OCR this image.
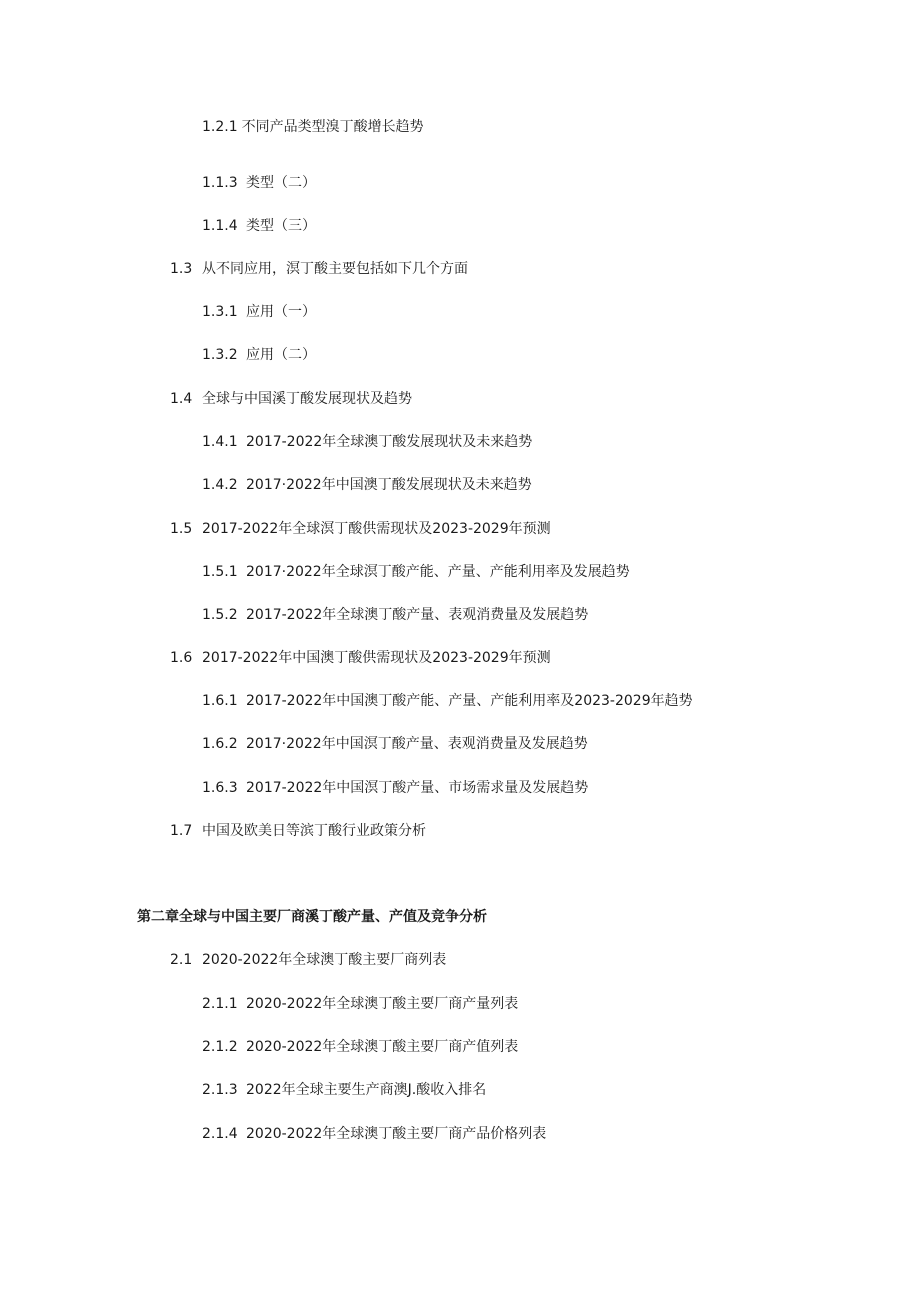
1.2.1 不同产品类型溴丁酸增长趋势
1.1.3 类型（二）
1.1.4 类型（三）
1.3 从不同应用，溟丁酸主要包括如下几个方面
1.3.1 应用（一）
1.3.2 应用（二）
1.4 全球与中国溪丁酸发展现状及趋势
1.4.1 2017-2022年全球澳丁酸发展现状及未来趋势
1.4.2 2017·2022年中国澳丁酸发展现状及未来趋势
1.5 2017-2022年全球溟丁酸供需现状及2023-2029年预测
1.5.1 2017·2022年全球溟丁酸产能、产量、产能利用率及发展趋势
1.5.2 2017-2022年全球澳丁酸产量、表观消费量及发展趋势
1.6 2017-2022年中国澳丁酸供需现状及2023-2029年预测
1.6.1 2017-2022年中国澳丁酸产能、产量、产能利用率及2023-2029年趋势
1.6.2 2017·2022年中国溟丁酸产量、表观消费量及发展趋势
1.6.3 2017-2022年中国溟丁酸产量、市场需求量及发展趋势
1.7 中国及欧美日等滨丁酸行业政策分析
第二章全球与中国主要厂商溪丁酸产量、产值及竞争分析
2.1 2020-2022年全球澳丁酸主要厂商列表
2.1.1 2020-2022年全球澳丁酸主要厂商产量列表
2.1.2 2020-2022年全球澳丁酸主要厂商产值列表
2.1.3 2022年全球主要生产商澳J.酸收入排名
2.1.4 2020-2022年全球澳丁酸主要厂商产品价格列表
